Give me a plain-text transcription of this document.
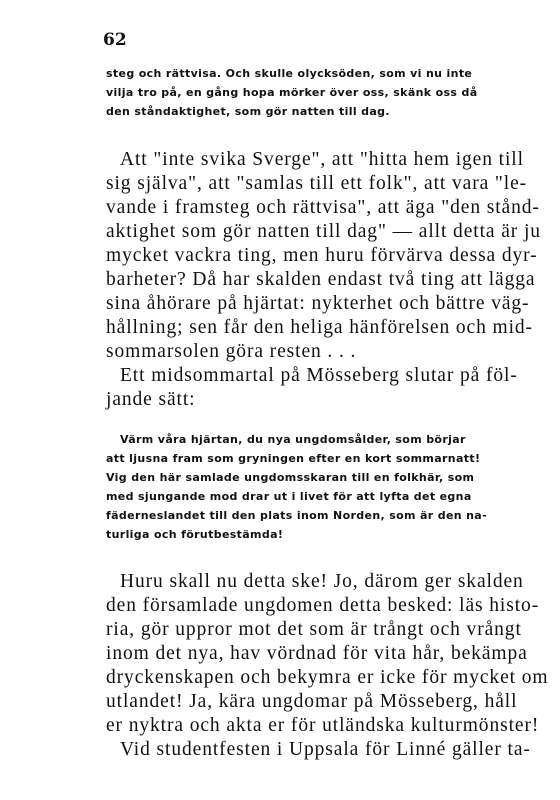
62
steg och rättvisa. Och skulle olycksöden, som vi nu inte
vilja tro på, en gång hopa mörker över oss, skänk oss då
den ståndaktighet, som gör natten till dag.
Att "inte svika Sverge", att "hitta hem igen till
sig själva", att "samlas till ett folk", att vara "le-
vande i framsteg och rättvisa", att äga "den stånd-
aktighet som gör natten till dag" — allt detta är ju
mycket vackra ting, men huru förvärva dessa dyr-
barheter? Då har skalden endast två ting att lägga
sina åhörare på hjärtat: nykterhet och bättre väg-
hållning; sen får den heliga hänförelsen och mid-
sommarsolen göra resten . . .
Ett midsommartal på Mösseberg slutar på föl-
jande sätt:
Värm våra hjärtan, du nya ungdomsålder, som börjar
att ljusna fram som gryningen efter en kort sommarnatt!
Vig den här samlade ungdomsskaran till en folkhär, som
med sjungande mod drar ut i livet för att lyfta det egna
fäderneslandet till den plats inom Norden, som är den na-
turliga och förutbestämda!
Huru skall nu detta ske! Jo, därom ger skalden
den församlade ungdomen detta besked: läs histo-
ria, gör uppror mot det som är trångt och vrångt
inom det nya, hav vördnad för vita hår, bekämpa
dryckenskapen och bekymra er icke för mycket om
utlandet! Ja, kära ungdomar på Mösseberg, håll
er nyktra och akta er för utländska kulturmönster!
Vid studentfesten i Uppsala för Linné gäller ta-
